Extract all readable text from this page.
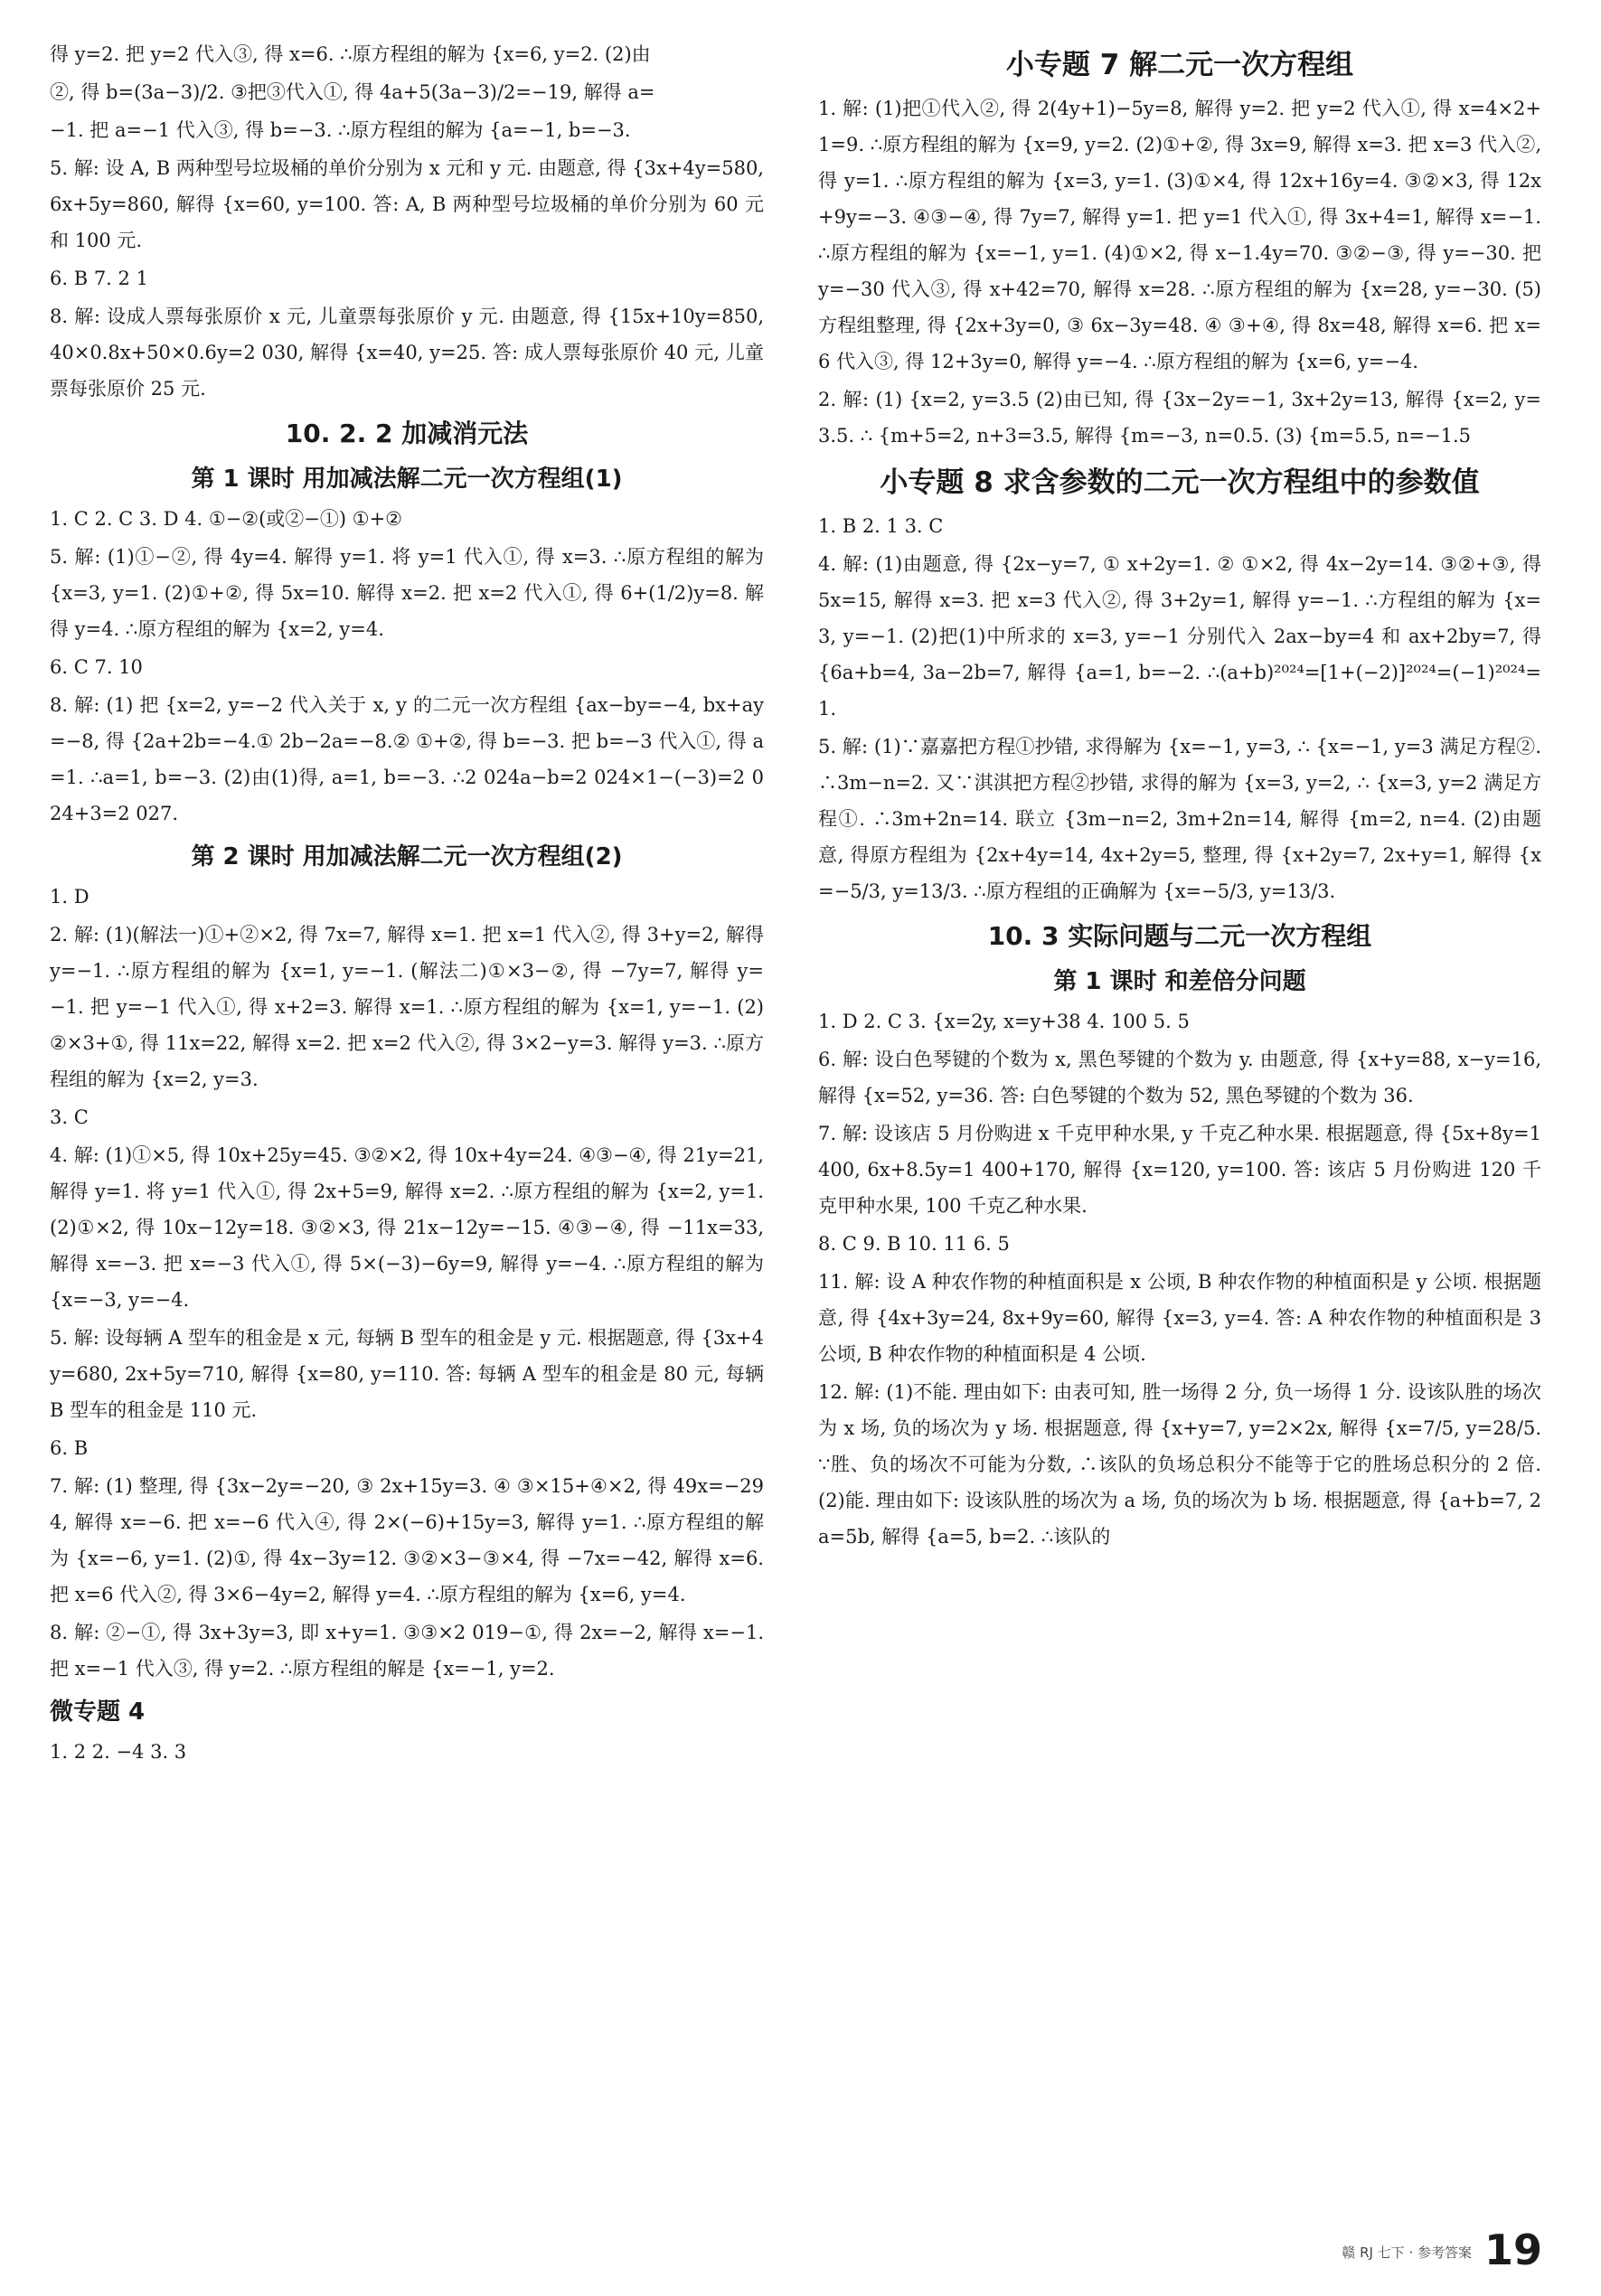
得 y=2. 把 y=2 代入③, 得 x=6. ∴原方程组的解为 {x=6, y=2. (2)由
②, 得 b=(3a−3)/2. ③把③代入①, 得 4a+5(3a−3)/2=−19, 解得 a=
−1. 把 a=−1 代入③, 得 b=−3. ∴原方程组的解为 {a=−1, b=−3.
5. 解: 设 A, B 两种型号垃圾桶的单价分别为 x 元和 y 元. 由题意, 得 {3x+4y=580, 6x+5y=860, 解得 {x=60, y=100. 答: A, B 两种型号垃圾桶的单价分别为 60 元和 100 元.
6. B 7. 2 1
8. 解: 设成人票每张原价 x 元, 儿童票每张原价 y 元. 由题意, 得 {15x+10y=850, 40×0.8x+50×0.6y=2 030, 解得 {x=40, y=25. 答: 成人票每张原价 40 元, 儿童票每张原价 25 元.
10. 2. 2 加减消元法
第 1 课时 用加减法解二元一次方程组(1)
1. C 2. C 3. D 4. ①−②(或②−①) ①+②
5. 解: (1)①−②, 得 4y=4. 解得 y=1. 将 y=1 代入①, 得 x=3. ∴原方程组的解为 {x=3, y=1. (2)①+②, 得 5x=10. 解得 x=2. 把 x=2 代入①, 得 6+(1/2)y=8. 解得 y=4. ∴原方程组的解为 {x=2, y=4.
6. C 7. 10
8. 解: (1) 把 {x=2, y=−2 代入关于 x, y 的二元一次方程组 {ax−by=−4, bx+ay=−8, 得 {2a+2b=−4.① 2b−2a=−8.② ①+②, 得 b=−3. 把 b=−3 代入①, 得 a=1. ∴a=1, b=−3. (2)由(1)得, a=1, b=−3. ∴2 024a−b=2 024×1−(−3)=2 024+3=2 027.
第 2 课时 用加减法解二元一次方程组(2)
1. D
2. 解: (1)(解法一)①+②×2, 得 7x=7, 解得 x=1. 把 x=1 代入②, 得 3+y=2, 解得 y=−1. ∴原方程组的解为 {x=1, y=−1. (解法二)①×3−②, 得 −7y=7, 解得 y=−1. 把 y=−1 代入①, 得 x+2=3. 解得 x=1. ∴原方程组的解为 {x=1, y=−1. (2)②×3+①, 得 11x=22, 解得 x=2. 把 x=2 代入②, 得 3×2−y=3. 解得 y=3. ∴原方程组的解为 {x=2, y=3.
3. C
4. 解: (1)①×5, 得 10x+25y=45. ③②×2, 得 10x+4y=24. ④③−④, 得 21y=21, 解得 y=1. 将 y=1 代入①, 得 2x+5=9, 解得 x=2. ∴原方程组的解为 {x=2, y=1. (2)①×2, 得 10x−12y=18. ③②×3, 得 21x−12y=−15. ④③−④, 得 −11x=33, 解得 x=−3. 把 x=−3 代入①, 得 5×(−3)−6y=9, 解得 y=−4. ∴原方程组的解为 {x=−3, y=−4.
5. 解: 设每辆 A 型车的租金是 x 元, 每辆 B 型车的租金是 y 元. 根据题意, 得 {3x+4y=680, 2x+5y=710, 解得 {x=80, y=110. 答: 每辆 A 型车的租金是 80 元, 每辆 B 型车的租金是 110 元.
6. B
7. 解: (1) 整理, 得 {3x−2y=−20, ③ 2x+15y=3. ④ ③×15+④×2, 得 49x=−294, 解得 x=−6. 把 x=−6 代入④, 得 2×(−6)+15y=3, 解得 y=1. ∴原方程组的解为 {x=−6, y=1. (2)①, 得 4x−3y=12. ③②×3−③×4, 得 −7x=−42, 解得 x=6. 把 x=6 代入②, 得 3×6−4y=2, 解得 y=4. ∴原方程组的解为 {x=6, y=4.
8. 解: ②−①, 得 3x+3y=3, 即 x+y=1. ③③×2 019−①, 得 2x=−2, 解得 x=−1. 把 x=−1 代入③, 得 y=2. ∴原方程组的解是 {x=−1, y=2.
微专题 4
1. 2 2. −4 3. 3
小专题 7 解二元一次方程组
1. 解: (1)把①代入②, 得 2(4y+1)−5y=8, 解得 y=2. 把 y=2 代入①, 得 x=4×2+1=9. ∴原方程组的解为 {x=9, y=2. (2)①+②, 得 3x=9, 解得 x=3. 把 x=3 代入②, 得 y=1. ∴原方程组的解为 {x=3, y=1. (3)①×4, 得 12x+16y=4. ③②×3, 得 12x+9y=−3. ④③−④, 得 7y=7, 解得 y=1. 把 y=1 代入①, 得 3x+4=1, 解得 x=−1. ∴原方程组的解为 {x=−1, y=1. (4)①×2, 得 x−1.4y=70. ③②−③, 得 y=−30. 把 y=−30 代入③, 得 x+42=70, 解得 x=28. ∴原方程组的解为 {x=28, y=−30. (5)方程组整理, 得 {2x+3y=0, ③ 6x−3y=48. ④ ③+④, 得 8x=48, 解得 x=6. 把 x=6 代入③, 得 12+3y=0, 解得 y=−4. ∴原方程组的解为 {x=6, y=−4.
2. 解: (1) {x=2, y=3.5 (2)由已知, 得 {3x−2y=−1, 3x+2y=13, 解得 {x=2, y=3.5. ∴ {m+5=2, n+3=3.5, 解得 {m=−3, n=0.5. (3) {m=5.5, n=−1.5
小专题 8 求含参数的二元一次方程组中的参数值
1. B 2. 1 3. C
4. 解: (1)由题意, 得 {2x−y=7, ① x+2y=1. ② ①×2, 得 4x−2y=14. ③②+③, 得 5x=15, 解得 x=3. 把 x=3 代入②, 得 3+2y=1, 解得 y=−1. ∴方程组的解为 {x=3, y=−1. (2)把(1)中所求的 x=3, y=−1 分别代入 2ax−by=4 和 ax+2by=7, 得 {6a+b=4, 3a−2b=7, 解得 {a=1, b=−2. ∴(a+b)²⁰²⁴=[1+(−2)]²⁰²⁴=(−1)²⁰²⁴=1.
5. 解: (1)∵嘉嘉把方程①抄错, 求得解为 {x=−1, y=3, ∴ {x=−1, y=3 满足方程②. ∴3m−n=2. 又∵淇淇把方程②抄错, 求得的解为 {x=3, y=2, ∴ {x=3, y=2 满足方程①. ∴3m+2n=14. 联立 {3m−n=2, 3m+2n=14, 解得 {m=2, n=4. (2)由题意, 得原方程组为 {2x+4y=14, 4x+2y=5, 整理, 得 {x+2y=7, 2x+y=1, 解得 {x=−5/3, y=13/3. ∴原方程组的正确解为 {x=−5/3, y=13/3.
10. 3 实际问题与二元一次方程组
第 1 课时 和差倍分问题
1. D 2. C 3. {x=2y, x=y+38 4. 100 5. 5
6. 解: 设白色琴键的个数为 x, 黑色琴键的个数为 y. 由题意, 得 {x+y=88, x−y=16, 解得 {x=52, y=36. 答: 白色琴键的个数为 52, 黑色琴键的个数为 36.
7. 解: 设该店 5 月份购进 x 千克甲种水果, y 千克乙种水果. 根据题意, 得 {5x+8y=1 400, 6x+8.5y=1 400+170, 解得 {x=120, y=100. 答: 该店 5 月份购进 120 千克甲种水果, 100 千克乙种水果.
8. C 9. B 10. 11 6. 5
11. 解: 设 A 种农作物的种植面积是 x 公顷, B 种农作物的种植面积是 y 公顷. 根据题意, 得 {4x+3y=24, 8x+9y=60, 解得 {x=3, y=4. 答: A 种农作物的种植面积是 3 公顷, B 种农作物的种植面积是 4 公顷.
12. 解: (1)不能. 理由如下: 由表可知, 胜一场得 2 分, 负一场得 1 分. 设该队胜的场次为 x 场, 负的场次为 y 场. 根据题意, 得 {x+y=7, y=2×2x, 解得 {x=7/5, y=28/5. ∵胜、负的场次不可能为分数, ∴该队的负场总积分不能等于它的胜场总积分的 2 倍. (2)能. 理由如下: 设该队胜的场次为 a 场, 负的场次为 b 场. 根据题意, 得 {a+b=7, 2a=5b, 解得 {a=5, b=2. ∴该队的
赣 RJ 七下 · 参考答案 19
